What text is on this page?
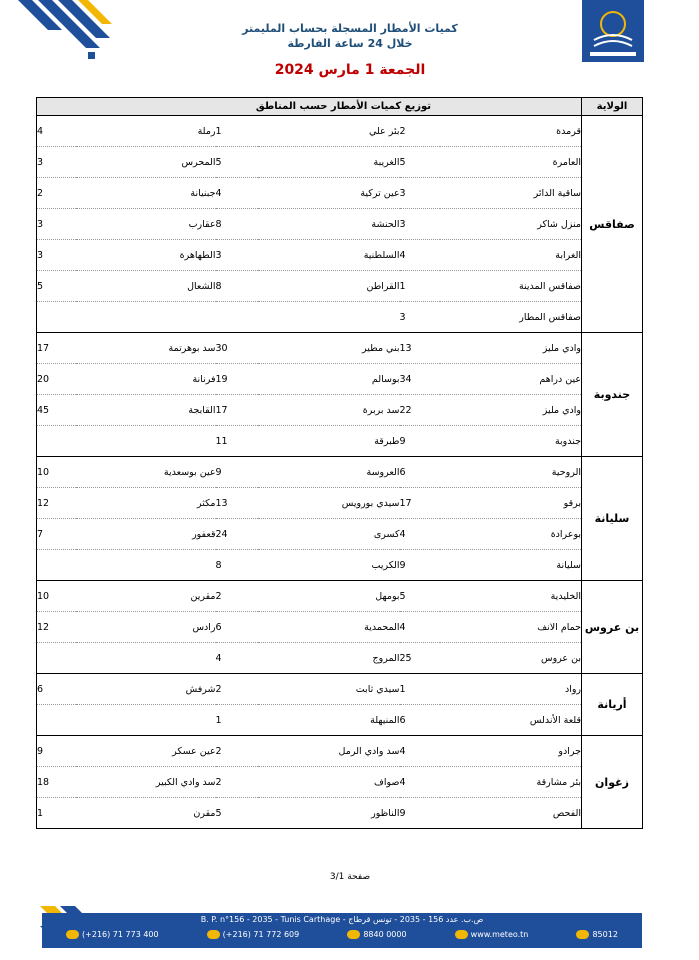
كميات الأمطار المسجلة بحساب المليمتر
خلال 24 ساعة الفارطة
الجمعة 1 مارس 2024
الولاية	توزيع كميات الأمطار حسب المناطق					
صفاقس	قرمدة	2	بئر علي	1	رملة	4
	العامرة	5	الغريبة	5	المحرس	3
	ساقية الدائر	3	عين تركية	4	جبنيانة	2
	منزل شاكر	3	الحنشة	8	عقارب	3
	الغرابة	4	السلطنية	3	الطهاهرة	3
	صفاقس المدينة	1	القراطن	8	الشعال	5
	صفاقس المطار	3				
جندوبة	وادي مليز	13	بني مطير	30	سد بوهرتمة	17
	عين دراهم	34	بوسالم	19	فرنانة	20
	وادي مليز	22	سد بربرة	17	القابجة	45
	جندوبة	9	طبرقة	11		
سليانة	الروحية	6	العروسة	9	عين بوسعدية	10
	برقو	17	سيدي بورويس	13	مكثر	12
	بوعرادة	4	كسرى	24	قعفور	7
	سليانة	9	الكريب	8		
بن عروس	الخليدية	5	بومهل	2	مقرين	10
	حمام الانف	4	المحمدية	6	رادس	12
	بن عروس	25	المروج	4		
أريانة	رواد	1	سيدي ثابت	2	شرفش	6
	قلعة الأندلس	6	المنيهلة	1		
زغوان	جرادو	4	سد وادي الرمل	2	عين عسكر	9
	بئر مشارقة	4	صواف	2	سد وادي الكبير	18
	الفحص	9	الناظور	5	مقرن	1
صفحة 3/1
B. P. n°156 - 2035 - Tunis Carthage - ص.ب. عدد 156 - 2035 - تونس قرطاج
(+216) 71 773 400	(+216) 71 772 609	8840 0000	www.meteo.tn	85012
